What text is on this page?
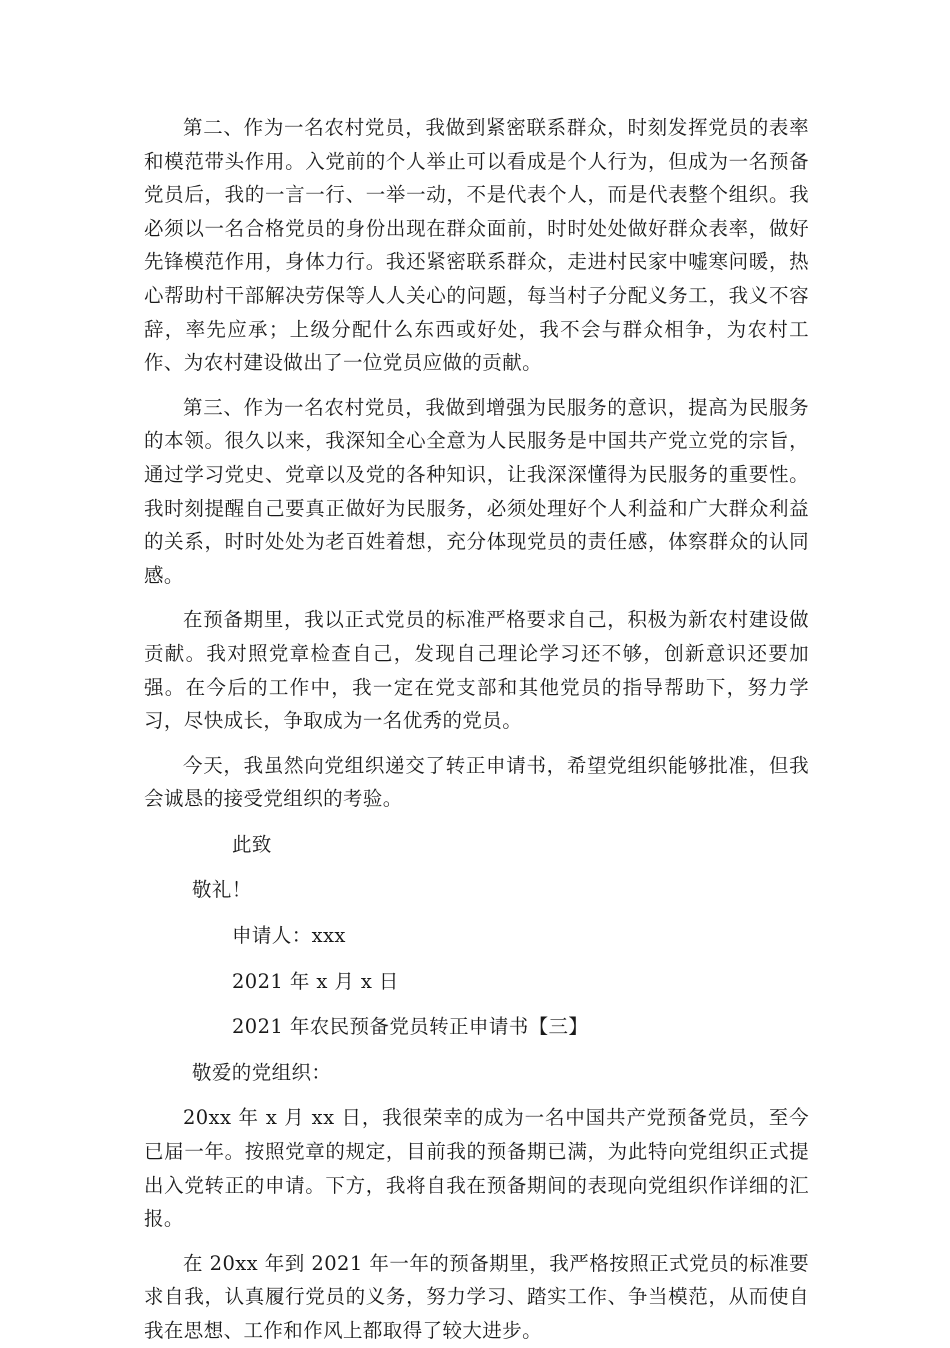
第二、作为一名农村党员，我做到紧密联系群众，时刻发挥党员的表率和模范带头作用。入党前的个人举止可以看成是个人行为，但成为一名预备党员后，我的一言一行、一举一动，不是代表个人，而是代表整个组织。我必须以一名合格党员的身份出现在群众面前，时时处处做好群众表率，做好先锋模范作用，身体力行。我还紧密联系群众，走进村民家中嘘寒问暖，热心帮助村干部解决劳保等人人关心的问题，每当村子分配义务工，我义不容辞，率先应承；上级分配什么东西或好处，我不会与群众相争，为农村工作、为农村建设做出了一位党员应做的贡献。

第三、作为一名农村党员，我做到增强为民服务的意识，提高为民服务的本领。很久以来，我深知全心全意为人民服务是中国共产党立党的宗旨，通过学习党史、党章以及党的各种知识，让我深深懂得为民服务的重要性。我时刻提醒自己要真正做好为民服务，必须处理好个人利益和广大群众利益的关系，时时处处为老百姓着想，充分体现党员的责任感，体察群众的认同感。

在预备期里，我以正式党员的标准严格要求自己，积极为新农村建设做贡献。我对照党章检查自己，发现自己理论学习还不够，创新意识还要加强。在今后的工作中，我一定在党支部和其他党员的指导帮助下，努力学习，尽快成长，争取成为一名优秀的党员。

今天，我虽然向党组织递交了转正申请书，希望党组织能够批准，但我会诚恳的接受党组织的考验。

此致

敬礼！

申请人：xxx

2021 年 x 月 x 日

2021 年农民预备党员转正申请书【三】

敬爱的党组织：

20xx 年 x 月 xx 日，我很荣幸的成为一名中国共产党预备党员，至今已届一年。按照党章的规定，目前我的预备期已满，为此特向党组织正式提出入党转正的申请。下方，我将自我在预备期间的表现向党组织作详细的汇报。

在 20xx 年到 2021 年一年的预备期里，我严格按照正式党员的标准要求自我，认真履行党员的义务，努力学习、踏实工作、争当模范，从而使自我在思想、工作和作风上都取得了较大进步。
